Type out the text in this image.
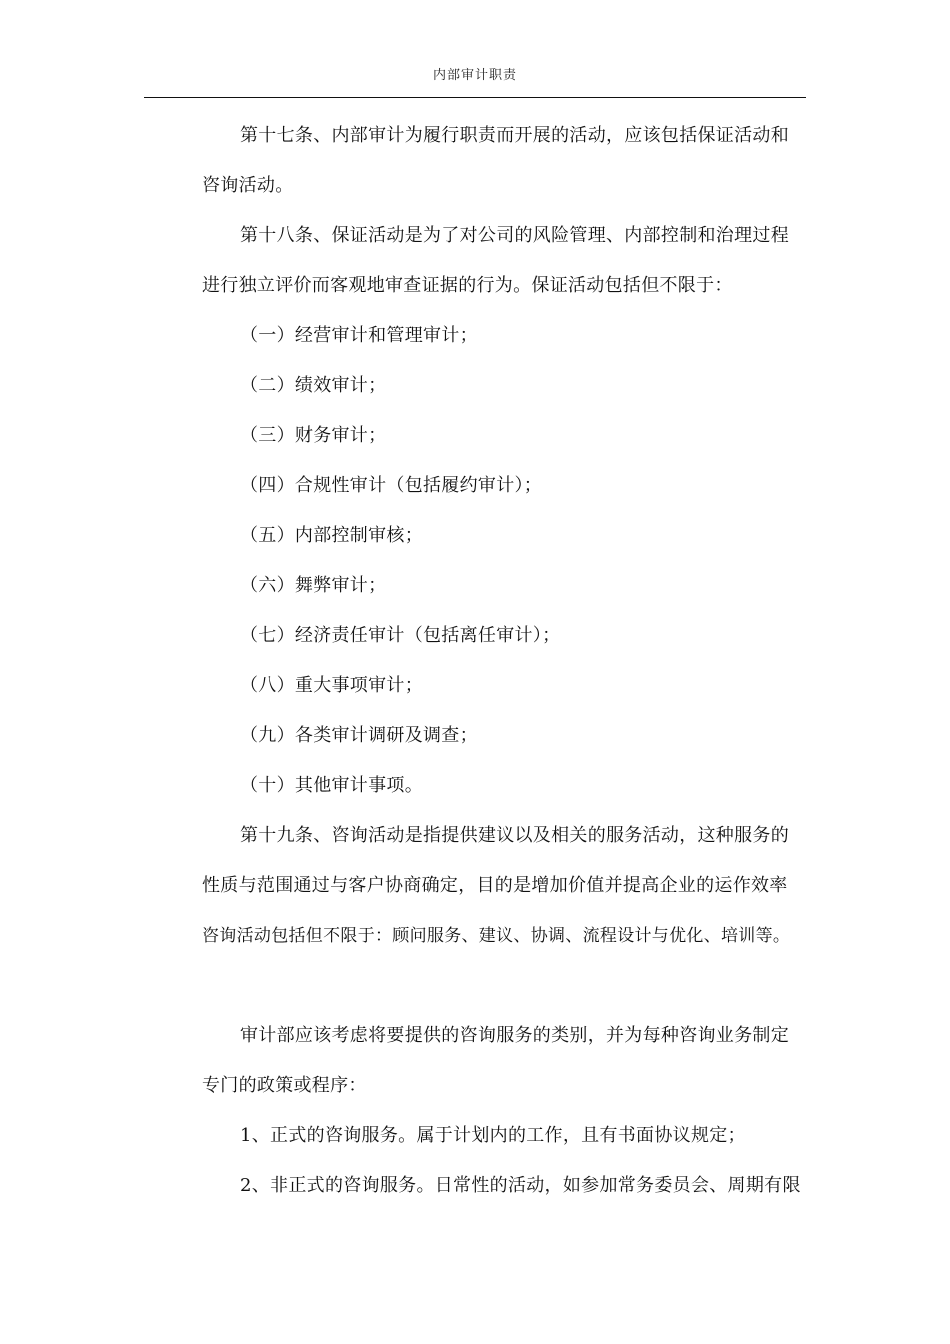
内部审计职责
第十七条、内部审计为履行职责而开展的活动，应该包括保证活动和
咨询活动。
第十八条、保证活动是为了对公司的风险管理、内部控制和治理过程
进行独立评价而客观地审查证据的行为。保证活动包括但不限于：
（一）经营审计和管理审计；
（二）绩效审计；
（三）财务审计；
（四）合规性审计（包括履约审计）；
（五）内部控制审核；
（六）舞弊审计；
（七）经济责任审计（包括离任审计）；
（八）重大事项审计；
（九）各类审计调研及调查；
（十）其他审计事项。
第十九条、咨询活动是指提供建议以及相关的服务活动，这种服务的
性质与范围通过与客户协商确定，目的是增加价值并提高企业的运作效率
咨询活动包括但不限于：顾问服务、建议、协调、流程设计与优化、培训等。
审计部应该考虑将要提供的咨询服务的类别，并为每种咨询业务制定
专门的政策或程序：
1、正式的咨询服务。属于计划内的工作，且有书面协议规定；
2、非正式的咨询服务。日常性的活动，如参加常务委员会、周期有限
